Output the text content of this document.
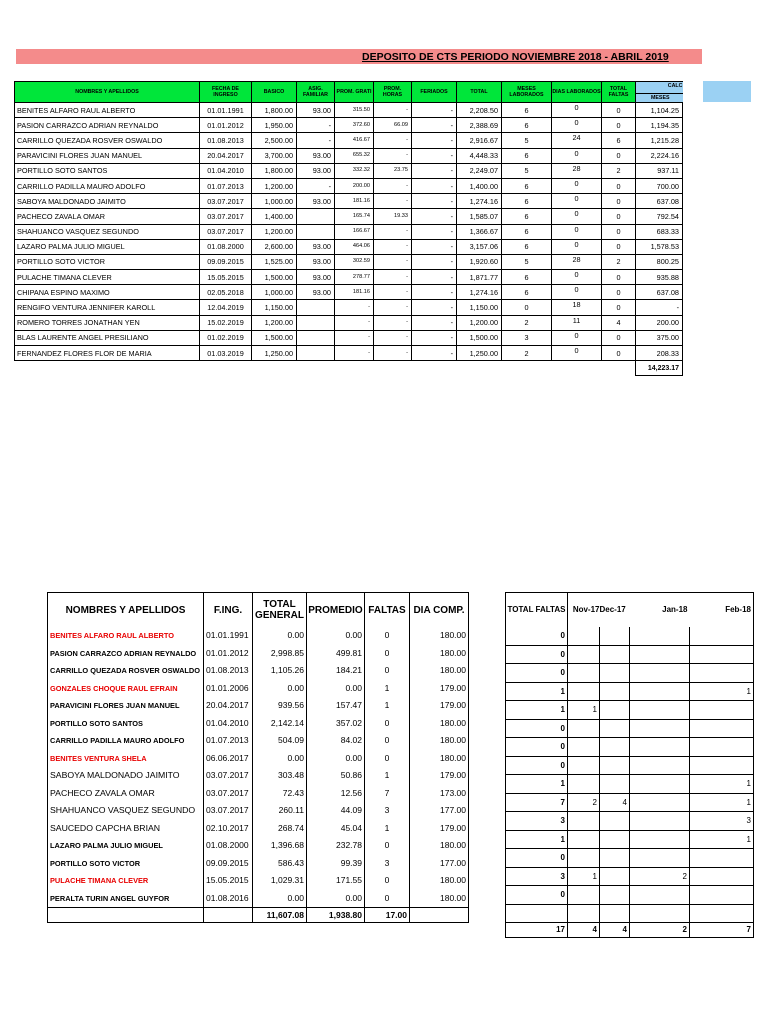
DEPOSITO DE CTS PERIODO NOVIEMBRE 2018 - ABRIL 2019
NOMBRES Y APELLIDOS	FECHA DE INGRESO	BASICO	ASIG. FAMILIAR	PROM. GRATI	PROM. HORAS	FERIADOS	TOTAL	MESES LABORADOS	DIAS LABORADOS	TOTAL FALTAS	CALC
MESES

BENITES ALFARO RAUL ALBERTO	01.01.1991	1,800.00	93.00	315.50	-	-	2,208.50	6	0	0	1,104.25
PASION CARRAZCO ADRIAN REYNALDO	01.01.2012	1,950.00	-	372.60	66.09	-	2,388.69	6	0	0	1,194.35
CARRILLO QUEZADA ROSVER OSWALDO	01.08.2013	2,500.00	-	416.67	-	-	2,916.67	5	24	6	1,215.28
PARAVICINI FLORES JUAN MANUEL	20.04.2017	3,700.00	93.00	655.32	-	-	4,448.33	6	0	0	2,224.16
PORTILLO SOTO SANTOS	01.04.2010	1,800.00	93.00	332.32	23.75	-	2,249.07	5	28	2	937.11
CARRILLO PADILLA MAURO ADOLFO	01.07.2013	1,200.00	-	200.00	-	-	1,400.00	6	0	0	700.00
SABOYA MALDONADO JAIMITO	03.07.2017	1,000.00	93.00	181.16	-	-	1,274.16	6	0	0	637.08
PACHECO ZAVALA OMAR	03.07.2017	1,400.00		165.74	19.33	-	1,585.07	6	0	0	792.54
SHAHUANCO VASQUEZ SEGUNDO	03.07.2017	1,200.00		166.67	-	-	1,366.67	6	0	0	683.33
LAZARO PALMA JULIO MIGUEL	01.08.2000	2,600.00	93.00	464.06	-	-	3,157.06	6	0	0	1,578.53
PORTILLO SOTO VICTOR	09.09.2015	1,525.00	93.00	302.59	-	-	1,920.60	5	28	2	800.25
PULACHE TIMANA CLEVER	15.05.2015	1,500.00	93.00	278.77	-	-	1,871.77	6	0	0	935.88
CHIPANA ESPINO MAXIMO	02.05.2018	1,000.00	93.00	181.16	-	-	1,274.16	6	0	0	637.08
RENGIFO VENTURA JENNIFER KAROLL	12.04.2019	1,150.00		-	-	-	1,150.00	0	18	0	-
ROMERO TORRES JONATHAN YEN	15.02.2019	1,200.00		-	-	-	1,200.00	2	11	4	200.00
BLAS LAURENTE ANGEL PRESILIANO	01.02.2019	1,500.00		-	-	-	1,500.00	3	0	0	375.00
FERNANDEZ FLORES FLOR DE MARIA	01.03.2019	1,250.00		-	-	-	1,250.00	2	0	0	208.33
											14,223.17
NOMBRES Y APELLIDOS	F.ING.	TOTAL GENERAL	PROMEDIO	FALTAS	DIA COMP.
BENITES ALFARO RAUL ALBERTO	01.01.1991	0.00	0.00	0	180.00
PASION CARRAZCO ADRIAN REYNALDO	01.01.2012	2,998.85	499.81	0	180.00
CARRILLO QUEZADA ROSVER OSWALDO	01.08.2013	1,105.26	184.21	0	180.00
GONZALES CHOQUE RAUL EFRAIN	01.01.2006	0.00	0.00	1	179.00
PARAVICINI FLORES JUAN MANUEL	20.04.2017	939.56	157.47	1	179.00
PORTILLO SOTO SANTOS	01.04.2010	2,142.14	357.02	0	180.00
CARRILLO PADILLA MAURO ADOLFO	01.07.2013	504.09	84.02	0	180.00
BENITES VENTURA SHELA	06.06.2017	0.00	0.00	0	180.00
SABOYA MALDONADO JAIMITO	03.07.2017	303.48	50.86	1	179.00
PACHECO ZAVALA OMAR	03.07.2017	72.43	12.56	7	173.00
SHAHUANCO VASQUEZ SEGUNDO	03.07.2017	260.11	44.09	3	177.00
SAUCEDO CAPCHA BRIAN	02.10.2017	268.74	45.04	1	179.00
LAZARO PALMA JULIO MIGUEL	01.08.2000	1,396.68	232.78	0	180.00
PORTILLO SOTO VICTOR	09.09.2015	586.43	99.39	3	177.00
PULACHE TIMANA CLEVER	15.05.2015	1,029.31	171.55	0	180.00
PERALTA TURIN ANGEL GUYFOR	01.08.2016	0.00	0.00	0	180.00
		11,607.08	1,938.80	17.00	
TOTAL FALTAS	Nov-17	Dec-17	Jan-18	Feb-18
0				
0				
0				
1				1
1	1			
0				
0				
0				
1				1
7	2	4		1
3				3
1				1
0				
3	1		2	
0				

17	4	4	2	7
